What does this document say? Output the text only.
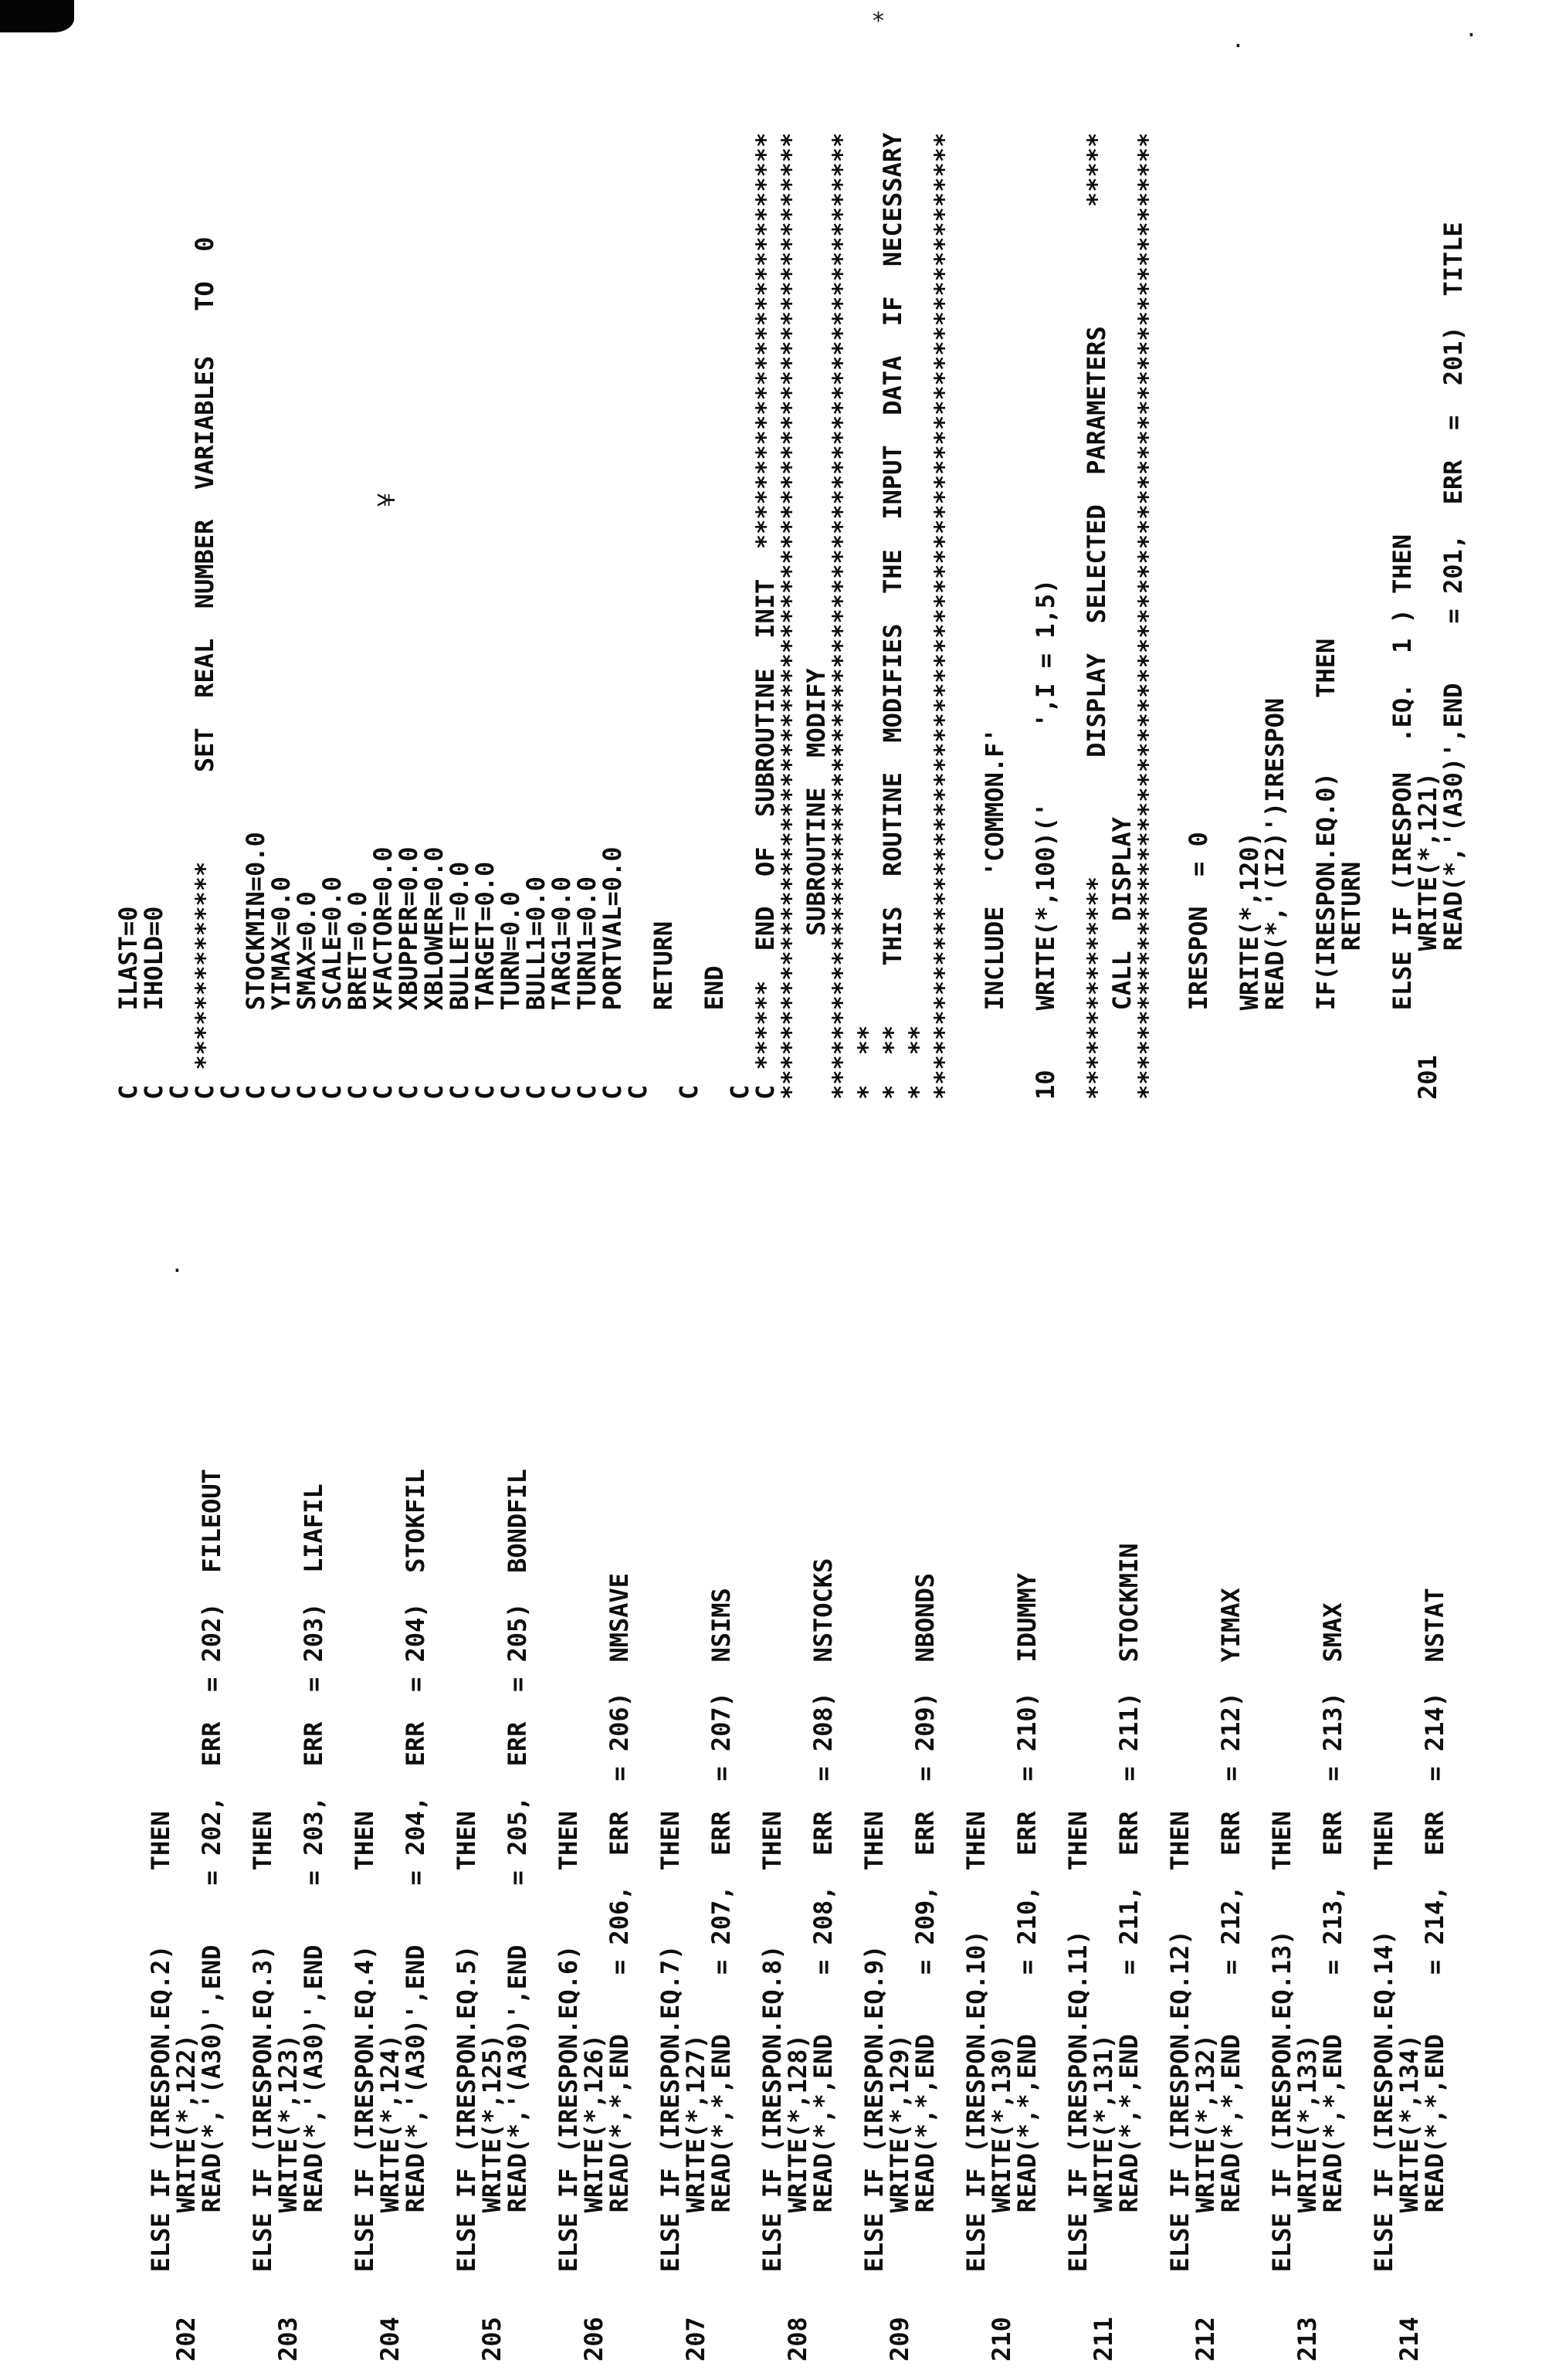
*
.	.
¥
.
C     ILAST=0
C     IHOLD=0
C
C **************      SET  REAL  NUMBER  VARIABLES   TO  0
C
C     STOCKMIN=0.0
C     YIMAX=0.0
C     SMAX=0.0
C     SCALE=0.0
C     BRET=0.0
C     XFACTOR=0.0
C     XBUPPER=0.0
C     XBLOWER=0.0
C     BULLET=0.0
C     TARGET=0.0
C     TURN=0.0
C     BULL1=0.0
C     TARG1=0.0
C     TURN1=0.0
C     PORTVAL=0.0
C
RETURN
C
END
C
C ******  END  OF  SUBROUTINE  INIT  ****************************
*****************************************************************
SUBROUTINE  MODIFY
*****************************************************************
*  **
*  **    THIS  ROUTINE  MODIFIES  THE  INPUT  DATA  IF  NECESSARY
*  **
*****************************************************************

INCLUDE  'COMMON.F'

10    WRITE(*,100)('     ',I = 1,5)

***************        DISPLAY  SELECTED  PARAMETERS        *****
CALL  DISPLAY
*****************************************************************

IRESPON  = 0

WRITE(*,120)
READ(*,'(I2)')IRESPON

IF(IRESPON.EQ.0)     THEN
RETURN

ELSE IF (IRESPON  .EQ.  1 ) THEN
201       WRITE(*,121)
READ(*,'(A30)',END    = 201,  ERR  =  201)  TITLE
ELSE IF (IRESPON.EQ.2)     THEN
202       WRITE(*,122)
READ(*,'(A30)',END    = 202,  ERR  = 202)  FILEOUT

ELSE IF (IRESPON.EQ.3)     THEN
203       WRITE(*,123)
READ(*,'(A30)',END    = 203,  ERR  = 203)  LIAFIL

ELSE IF (IRESPON.EQ.4)     THEN
204       WRITE(*,124)
READ(*,'(A30)',END    = 204,  ERR  = 204)  STOKFIL

ELSE IF (IRESPON.EQ.5)     THEN
205       WRITE(*,125)
READ(*,'(A30)',END    = 205,  ERR  = 205)  BONDFIL

ELSE IF (IRESPON.EQ.6)     THEN
206       WRITE(*,126)
READ(*,*,END    = 206,  ERR  = 206)  NMSAVE

ELSE IF (IRESPON.EQ.7)     THEN
207       WRITE(*,127)
READ(*,*,END    = 207,  ERR  = 207)  NSIMS

ELSE IF (IRESPON.EQ.8)     THEN
208       WRITE(*,128)
READ(*,*,END    = 208,  ERR  = 208)  NSTOCKS

ELSE IF (IRESPON.EQ.9)     THEN
209       WRITE(*,129)
READ(*,*,END    = 209,  ERR  = 209)  NBONDS

ELSE IF (IRESPON.EQ.10)    THEN
210       WRITE(*,130)
READ(*,*,END    = 210,  ERR  = 210)  IDUMMY

ELSE IF (IRESPON.EQ.11)    THEN
211       WRITE(*,131)
READ(*,*,END    = 211,  ERR  = 211)  STOCKMIN

ELSE IF (IRESPON.EQ.12)    THEN
212       WRITE(*,132)
READ(*,*,END    = 212,  ERR  = 212)  YIMAX

ELSE IF (IRESPON.EQ.13)    THEN
213       WRITE(*,133)
READ(*,*,END    = 213,  ERR  = 213)  SMAX

ELSE IF (IRESPON.EQ.14)    THEN
214       WRITE(*,134)
READ(*,*,END    = 214,  ERR  = 214)  NSTAT
